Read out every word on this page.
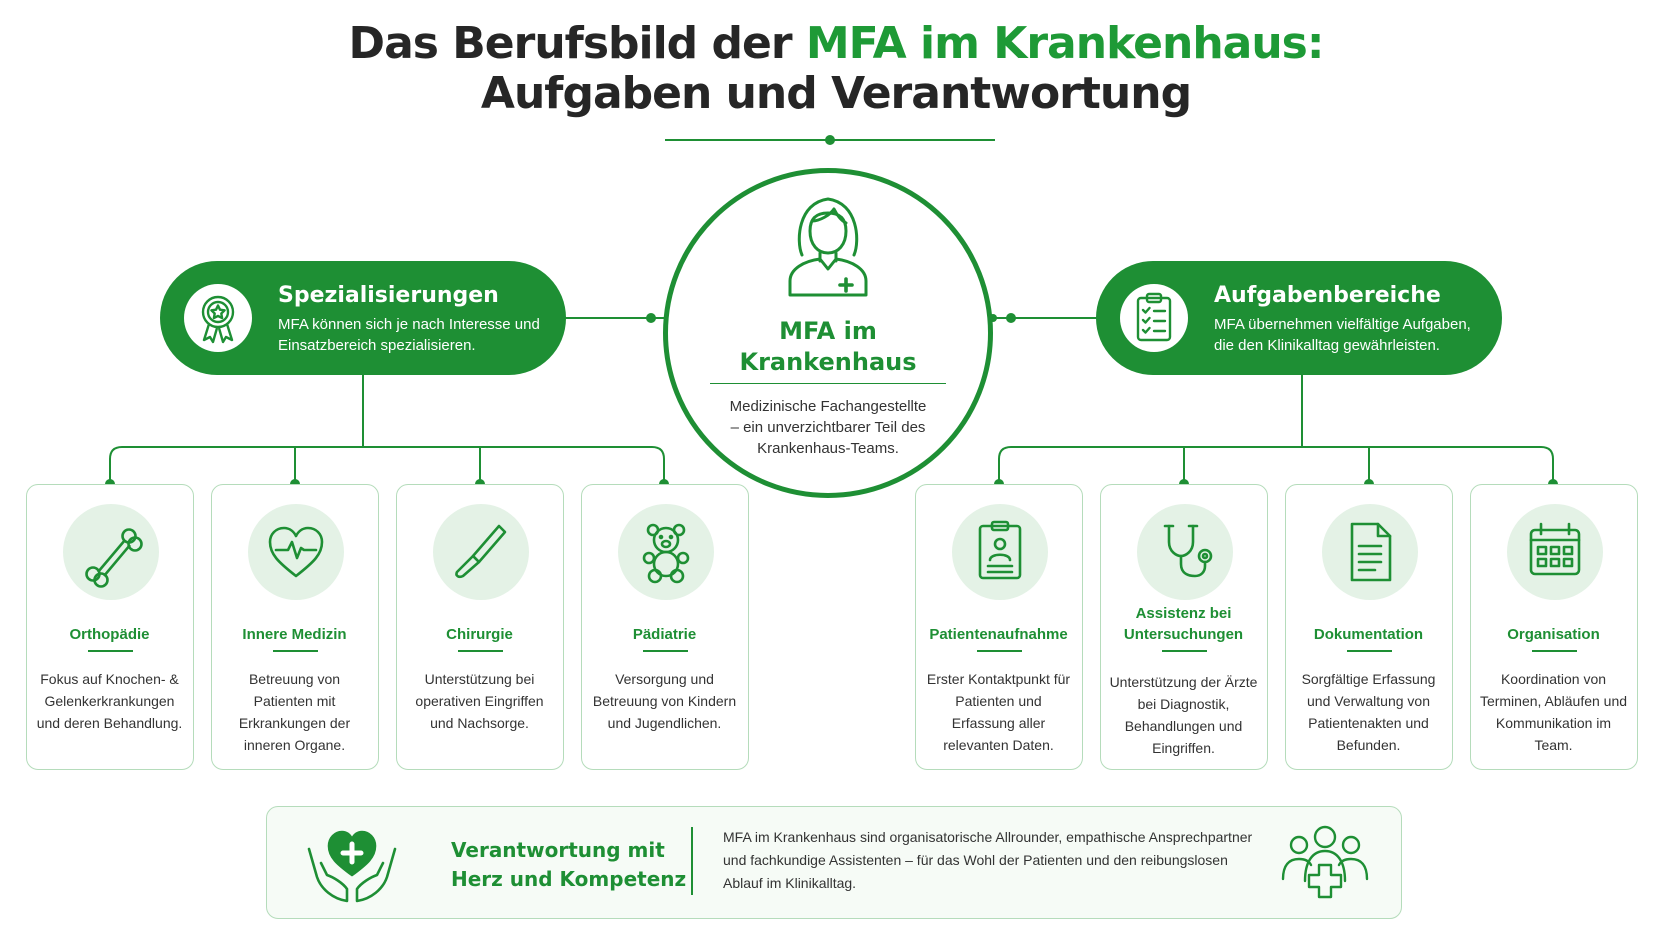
Das Berufsbild der MFA im Krankenhaus:
Aufgaben und Verantwortung
Spezialisierungen
MFA können sich je nach Interesse und Einsatzbereich spezialisieren.
Aufgabenbereiche
MFA übernehmen vielfältige Aufgaben, die den Klinikalltag gewährleisten.
MFA im
Krankenhaus
Medizinische Fachangestellte – ein unverzichtbarer Teil des Krankenhaus-Teams.
Orthopädie
Fokus auf Knochen- & Gelenkerkrankungen und deren Behandlung.
Innere Medizin
Betreuung von Patienten mit Erkrankungen der inneren Organe.
Chirurgie
Unterstützung bei operativen Eingriffen und Nachsorge.
Pädiatrie
Versorgung und Betreuung von Kindern und Jugendlichen.
Patientenaufnahme
Erster Kontaktpunkt für Patienten und Erfassung aller relevanten Daten.
Assistenz bei Untersuchungen
Unterstützung der Ärzte bei Diagnostik, Behandlungen und Eingriffen.
Dokumentation
Sorgfältige Erfassung und Verwaltung von Patientenakten und Befunden.
Organisation
Koordination von Terminen, Abläufen und Kommunikation im Team.
Verantwortung mit
Herz und Kompetenz
MFA im Krankenhaus sind organisatorische Allrounder, empathische Ansprechpartner und fachkundige Assistenten – für das Wohl der Patienten und den reibungslosen Ablauf im Klinikalltag.
